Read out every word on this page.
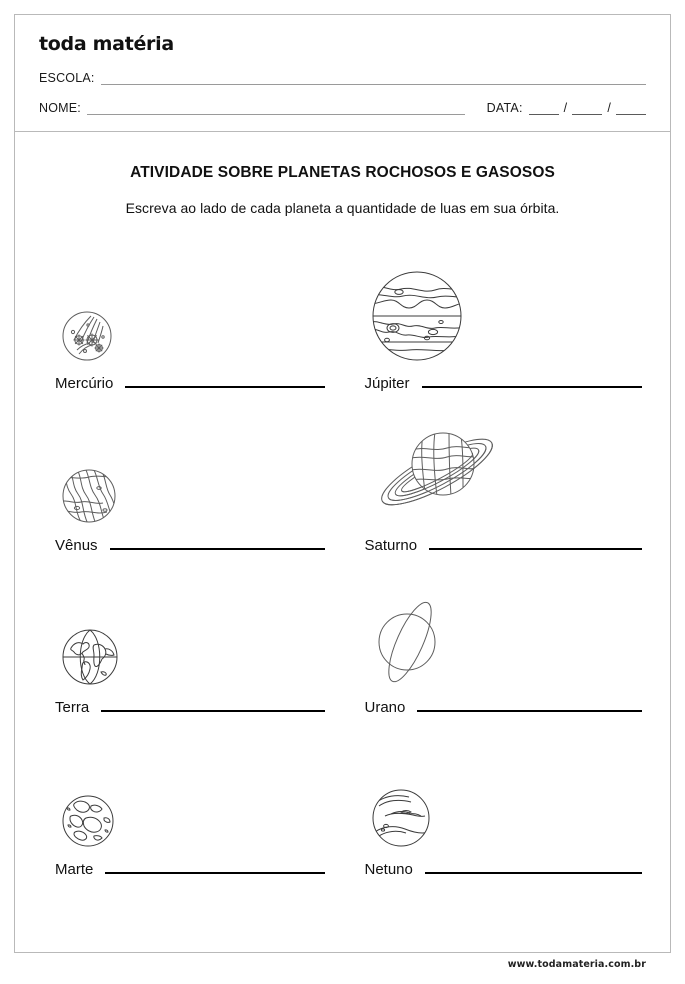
toda matéria
ESCOLA:
NOME:	DATA:	/	/
ATIVIDADE SOBRE PLANETAS ROCHOSOS E GASOSOS
Escreva ao lado de cada planeta a quantidade de luas em sua órbita.
Mercúrio	Júpiter
Vênus	Saturno
Terra	Urano
Marte	Netuno
www.todamateria.com.br
